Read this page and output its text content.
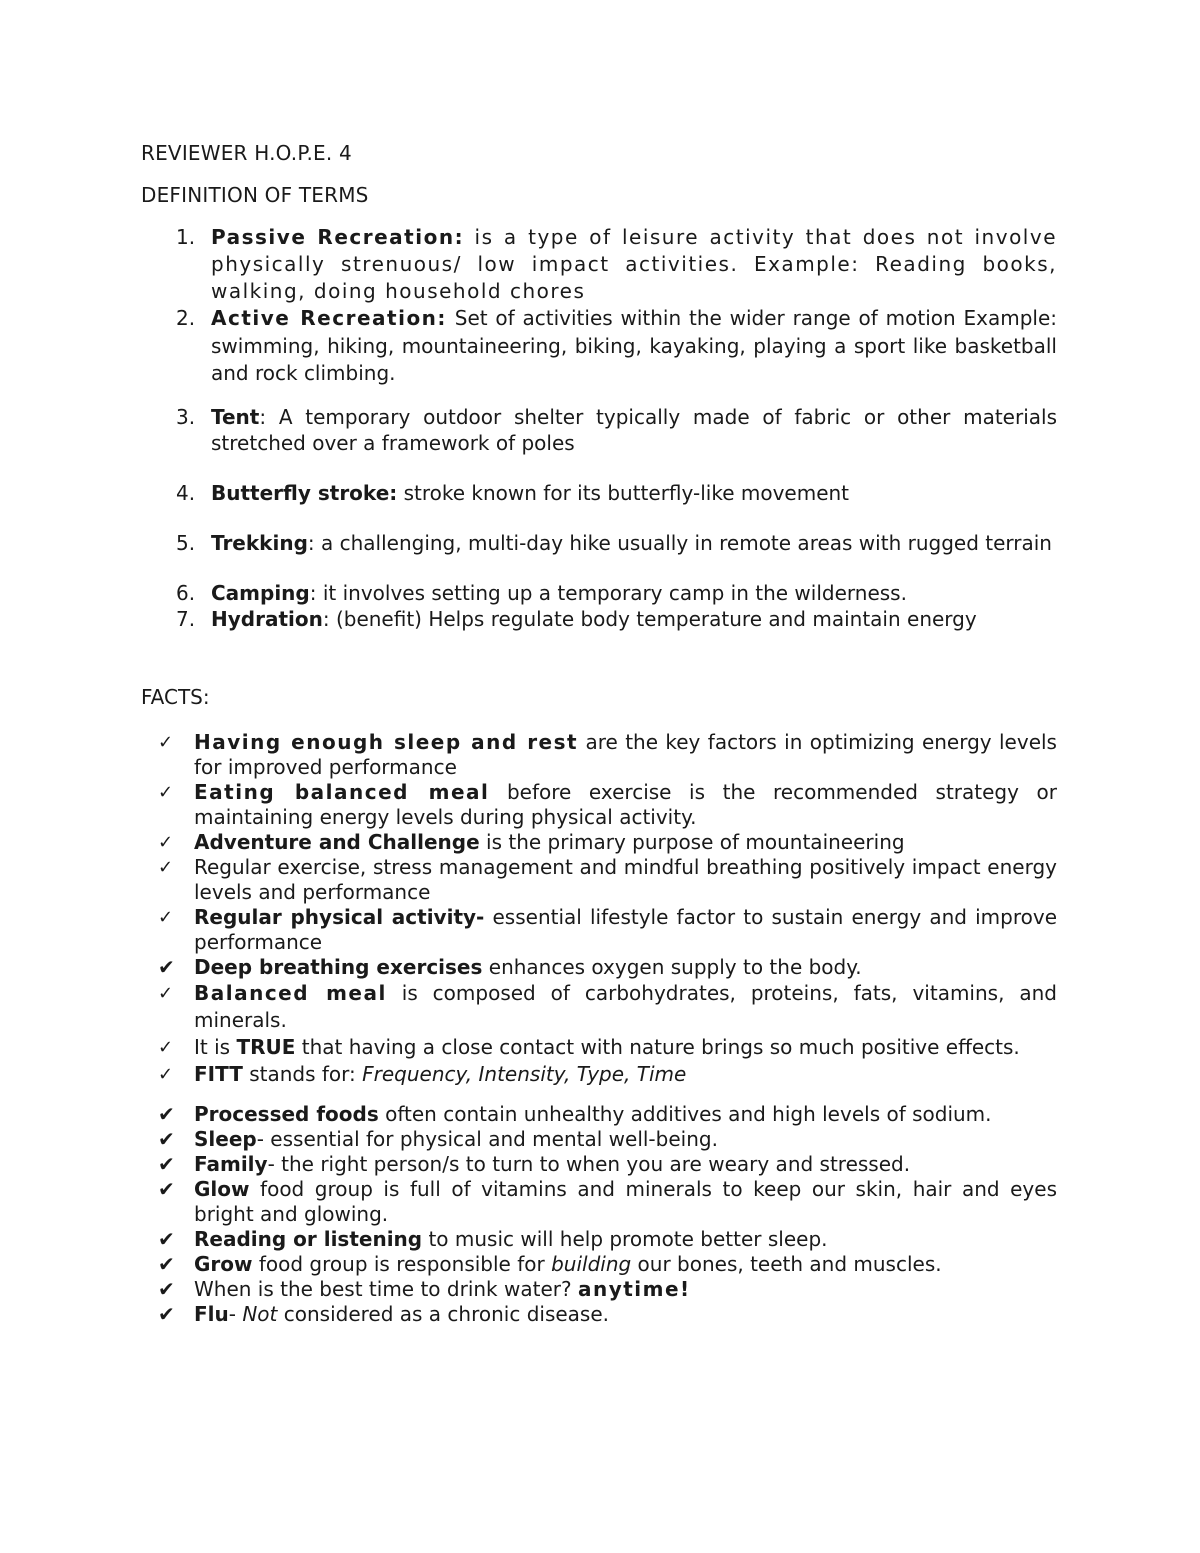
REVIEWER H.O.P.E. 4

DEFINITION OF TERMS

1. Passive Recreation: is a type of leisure activity that does not involve physically strenuous/ low impact activities. Example: Reading books, walking, doing household chores
2. Active Recreation: Set of activities within the wider range of motion Example: swimming, hiking, mountaineering, biking, kayaking, playing a sport like basketball and rock climbing.
3. Tent: A temporary outdoor shelter typically made of fabric or other materials stretched over a framework of poles
4. Butterfly stroke: stroke known for its butterfly-like movement
5. Trekking: a challenging, multi-day hike usually in remote areas with rugged terrain
6. Camping: it involves setting up a temporary camp in the wilderness.
7. Hydration: (benefit) Helps regulate body temperature and maintain energy

FACTS:

✓	Having enough sleep and rest are the key factors in optimizing energy levels for improved performance
✓	Eating balanced meal before exercise is the recommended strategy or maintaining energy levels during physical activity.
✓	Adventure and Challenge is the primary purpose of mountaineering
✓	Regular exercise, stress management and mindful breathing positively impact energy levels and performance
✓	Regular physical activity- essential lifestyle factor to sustain energy and improve performance
✔ Deep breathing exercises enhances oxygen supply to the body.
✓	Balanced meal is composed of carbohydrates, proteins, fats, vitamins, and minerals.
✓	It is TRUE that having a close contact with nature brings so much positive effects.
✓	FITT stands for: Frequency, Intensity, Type, Time
✔ Processed foods often contain unhealthy additives and high levels of sodium.
✔ Sleep- essential for physical and mental well-being.
✔ Family- the right person/s to turn to when you are weary and stressed.
✔ Glow food group is full of vitamins and minerals to keep our skin, hair and eyes bright and glowing.
✔ Reading or listening to music will help promote better sleep.
✔ Grow food group is responsible for building our bones, teeth and muscles.
✔ When is the best time to drink water? anytime!
✔ Flu- Not considered as a chronic disease.
